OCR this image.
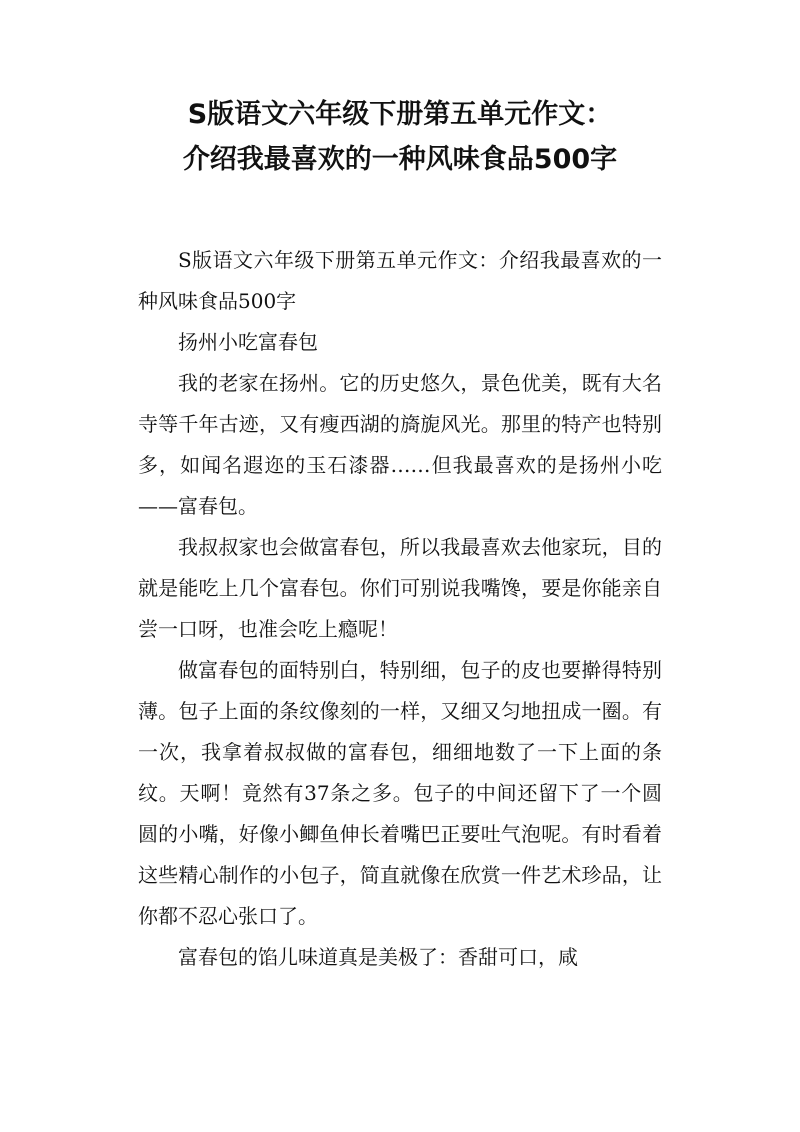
S版语文六年级下册第五单元作文：
介绍我最喜欢的一种风味食品500字

S版语文六年级下册第五单元作文：介绍我最喜欢的一种风味食品500字

扬州小吃富春包

我的老家在扬州。它的历史悠久，景色优美，既有大名寺等千年古迹，又有瘦西湖的旖旎风光。那里的特产也特别多，如闻名遐迩的玉石漆器……但我最喜欢的是扬州小吃——富春包。

我叔叔家也会做富春包，所以我最喜欢去他家玩，目的就是能吃上几个富春包。你们可别说我嘴馋，要是你能亲自尝一口呀，也准会吃上瘾呢！

做富春包的面特别白，特别细，包子的皮也要擀得特别薄。包子上面的条纹像刻的一样，又细又匀地扭成一圈。有一次，我拿着叔叔做的富春包，细细地数了一下上面的条纹。天啊！竟然有37条之多。包子的中间还留下了一个圆圆的小嘴，好像小鲫鱼伸长着嘴巴正要吐气泡呢。有时看着这些精心制作的小包子，简直就像在欣赏一件艺术珍品，让你都不忍心张口了。

富春包的馅儿味道真是美极了：香甜可口，咸
